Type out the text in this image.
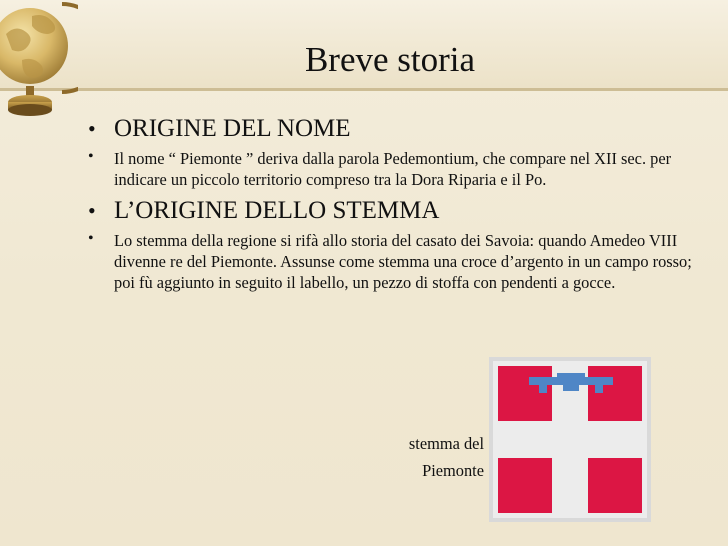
Breve storia
• ORIGINE DEL NOME
• Il nome “ Piemonte ” deriva dalla parola Pedemontium, che compare nel XII sec. per indicare un piccolo territorio compreso tra la Dora Riparia e il Po.
• L’ORIGINE DELLO STEMMA
• Lo stemma della regione si rifà allo storia del casato dei Savoia: quando Amedeo VIII divenne re del Piemonte. Assunse come stemma una croce d’argento in un campo rosso; poi fù aggiunto in seguito il labello, un pezzo di stoffa con pendenti a gocce.
stemma del
Piemonte
